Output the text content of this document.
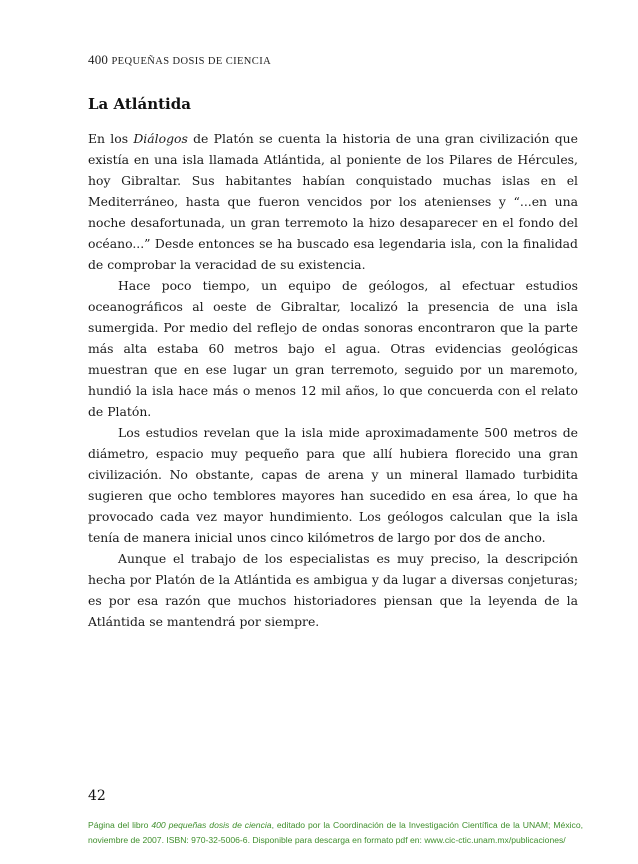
400 PEQUEÑAS DOSIS DE CIENCIA
La Atlántida

En los Diálogos de Platón se cuenta la historia de una gran civilización que existía en una isla llamada Atlántida, al poniente de los Pilares de Hércules, hoy Gibraltar. Sus habitantes habían conquistado muchas islas en el Mediterráneo, hasta que fueron vencidos por los atenienses y “...en una noche desafortunada, un gran terremoto la hizo desaparecer en el fondo del océano...” Desde entonces se ha buscado esa legendaria isla, con la finalidad de comprobar la veracidad de su existencia.

Hace poco tiempo, un equipo de geólogos, al efectuar estudios oceanográficos al oeste de Gibraltar, localizó la presencia de una isla sumergida. Por medio del reflejo de ondas sonoras encontraron que la parte más alta estaba 60 metros bajo el agua. Otras evidencias geológicas muestran que en ese lugar un gran terremoto, seguido por un maremoto, hundió la isla hace más o menos 12 mil años, lo que concuerda con el relato de Platón.

Los estudios revelan que la isla mide aproximadamente 500 metros de diámetro, espacio muy pequeño para que allí hubiera florecido una gran civilización. No obstante, capas de arena y un mineral llamado turbidita sugieren que ocho temblores mayores han sucedido en esa área, lo que ha provocado cada vez mayor hundimiento. Los geólogos calculan que la isla tenía de manera inicial unos cinco kilómetros de largo por dos de ancho.

Aunque el trabajo de los especialistas es muy preciso, la descripción hecha por Platón de la Atlántida es ambigua y da lugar a diversas conjeturas; es por esa razón que muchos historiadores piensan que la leyenda de la Atlántida se mantendrá por siempre.

42
Página del libro 400 pequeñas dosis de ciencia, editado por la Coordinación de la Investigación Científica de la UNAM; México, noviembre de 2007. ISBN: 970-32-5006-6. Disponible para descarga en formato pdf en: www.cic-ctic.unam.mx/publicaciones/
